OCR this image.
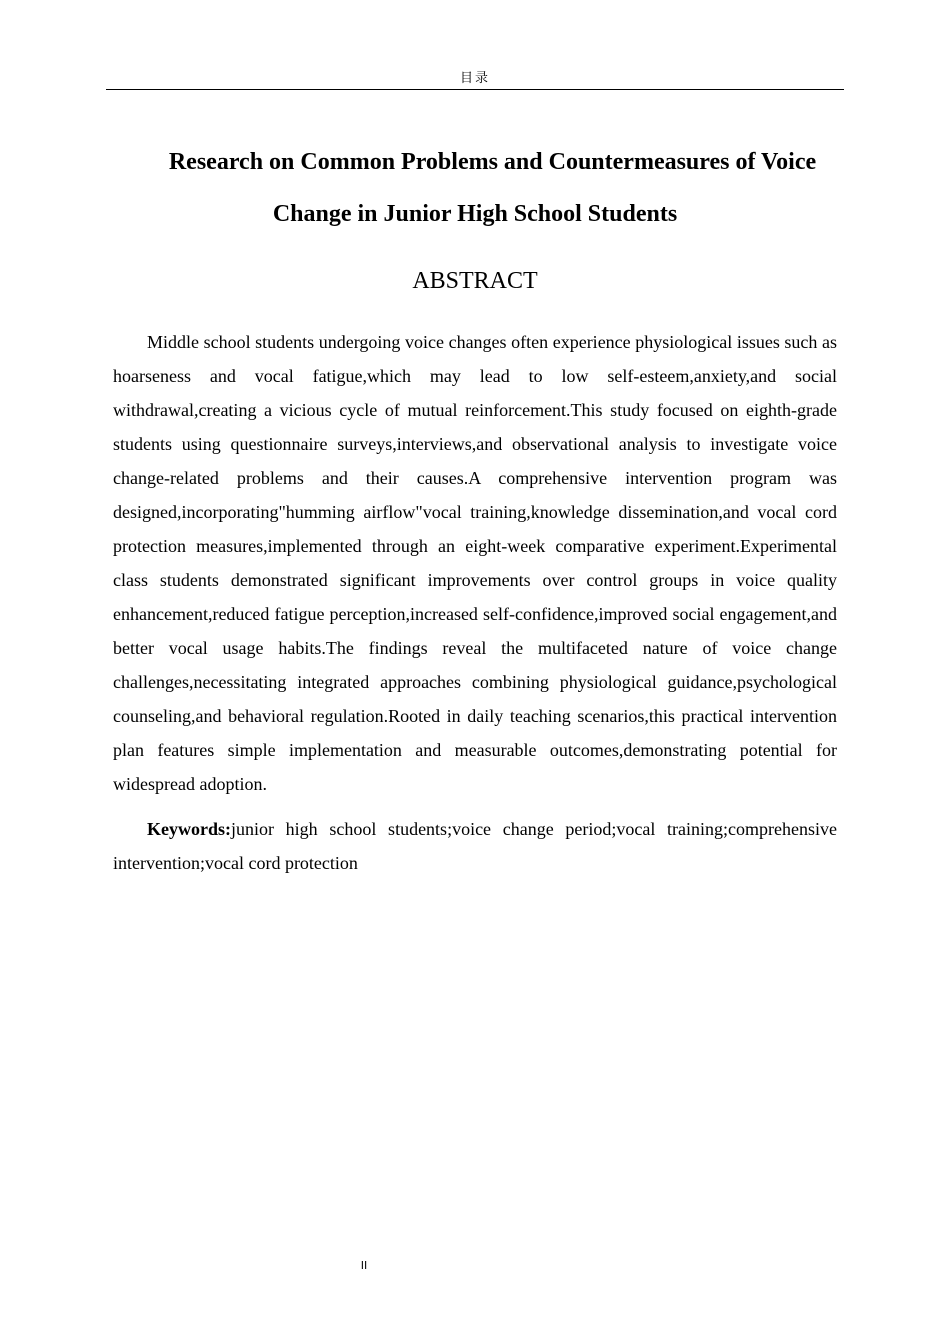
目录
Research on Common Problems and Countermeasures of Voice Change in Junior High School Students
ABSTRACT

Middle school students undergoing voice changes often experience physiological issues such as hoarseness and vocal fatigue,which may lead to low self-esteem,anxiety,and social withdrawal,creating a vicious cycle of mutual reinforcement.This study focused on eighth-grade students using questionnaire surveys,interviews,and observational analysis to investigate voice change-related problems and their causes.A comprehensive intervention program was designed,incorporating"humming airflow"vocal training,knowledge dissemination,and vocal cord protection measures,implemented through an eight-week comparative experiment.Experimental class students demonstrated significant improvements over control groups in voice quality enhancement,reduced fatigue perception,increased self-confidence,improved social engagement,and better vocal usage habits.The findings reveal the multifaceted nature of voice change challenges,necessitating integrated approaches combining physiological guidance,psychological counseling,and behavioral regulation.Rooted in daily teaching scenarios,this practical intervention plan features simple implementation and measurable outcomes,demonstrating potential for widespread adoption.

Keywords:junior high school students;voice change period;vocal training;comprehensive intervention;vocal cord protection

II
